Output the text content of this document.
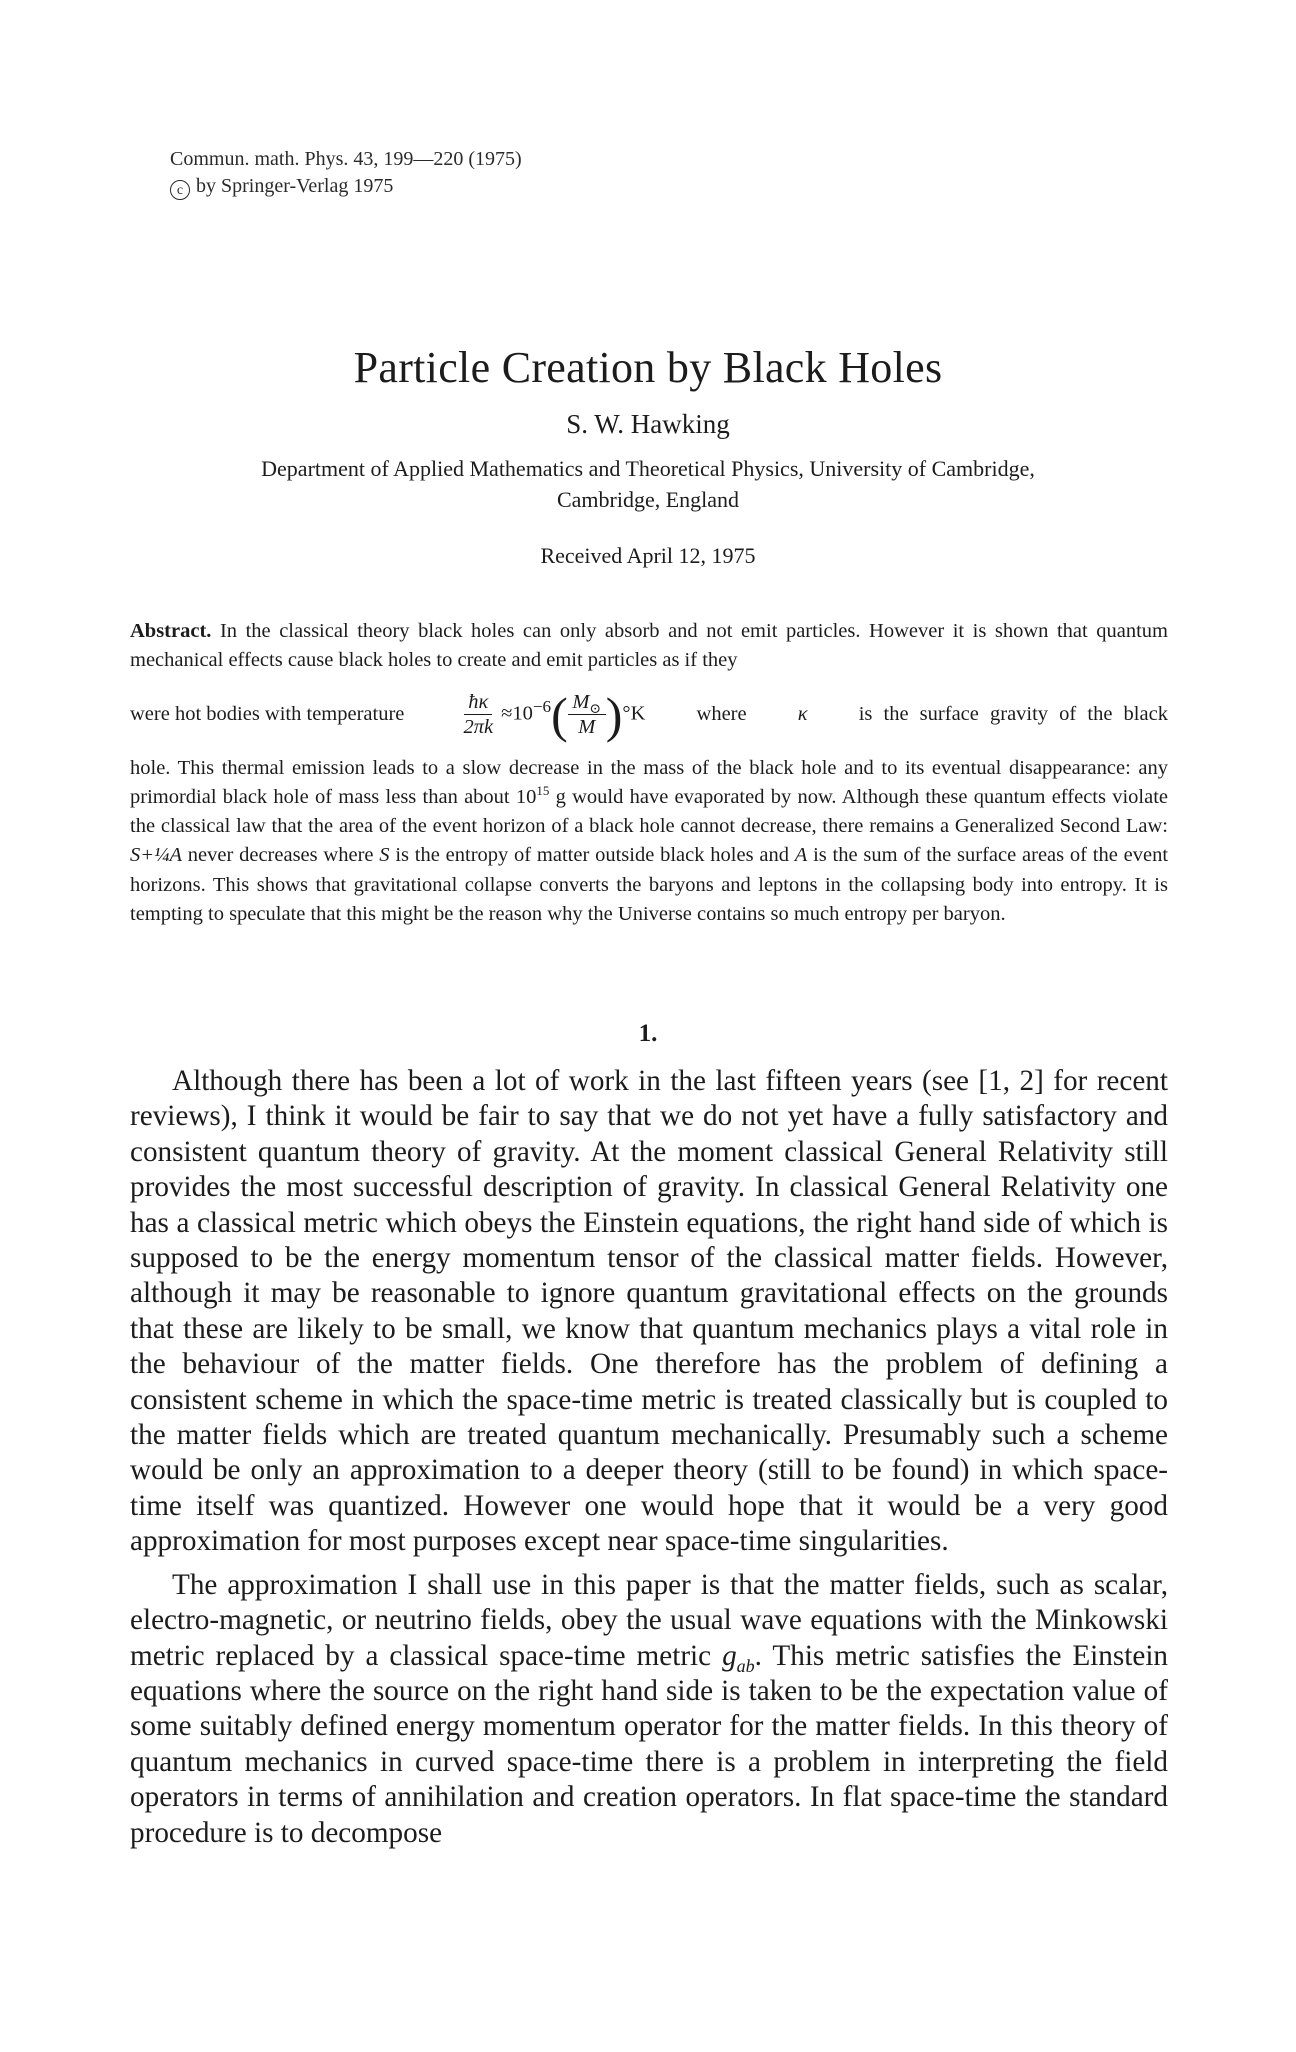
Commun. math. Phys. 43, 199—220 (1975)
c by Springer-Verlag 1975
Particle Creation by Black Holes
S. W. Hawking
Department of Applied Mathematics and Theoretical Physics, University of Cambridge,
Cambridge, England
Received April 12, 1975

Abstract. In the classical theory black holes can only absorb and not emit particles. However it is shown that quantum mechanical effects cause black holes to create and emit particles as if they

were hot bodies with temperature	$\frac{ħ\kappa}{2\pi k} \approx 10^{-6}( \frac{M_⊙}{M} )^\circ K$ where κ is the surface gravity of the black

hole. This thermal emission leads to a slow decrease in the mass of the black hole and to its eventual disappearance: any primordial black hole of mass less than about $10^{15}$ g would have evaporated by now. Although these quantum effects violate the classical law that the area of the event horizon of a black hole cannot decrease, there remains a Generalized Second Law: S+¼A never decreases where S is the entropy of matter outside black holes and A is the sum of the surface areas of the event horizons. This shows that gravitational collapse converts the baryons and leptons in the collapsing body into entropy. It is tempting to speculate that this might be the reason why the Universe contains so much entropy per baryon.

1.

Although there has been a lot of work in the last fifteen years (see [1, 2] for recent reviews), I think it would be fair to say that we do not yet have a fully satisfactory and consistent quantum theory of gravity. At the moment classical General Relativity still provides the most successful description of gravity. In classical General Relativity one has a classical metric which obeys the Einstein equations, the right hand side of which is supposed to be the energy momentum tensor of the classical matter fields. However, although it may be reasonable to ignore quantum gravitational effects on the grounds that these are likely to be small, we know that quantum mechanics plays a vital role in the behaviour of the matter fields. One therefore has the problem of defining a consistent scheme in which the space-time metric is treated classically but is coupled to the matter fields which are treated quantum mechanically. Presumably such a scheme would be only an approximation to a deeper theory (still to be found) in which space-time itself was quantized. However one would hope that it would be a very good approximation for most purposes except near space-time singularities.

The approximation I shall use in this paper is that the matter fields, such as scalar, electro-magnetic, or neutrino fields, obey the usual wave equations with the Minkowski metric replaced by a classical space-time metric $g_{ab}$. This metric satisfies the Einstein equations where the source on the right hand side is taken to be the expectation value of some suitably defined energy momentum operator for the matter fields. In this theory of quantum mechanics in curved space-time there is a problem in interpreting the field operators in terms of annihilation and creation operators. In flat space-time the standard procedure is to decompose
